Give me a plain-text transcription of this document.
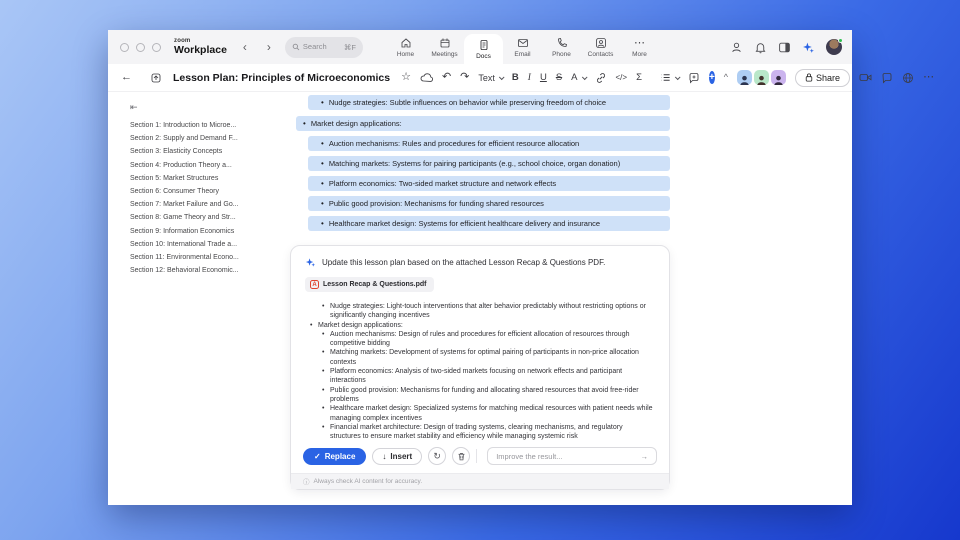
zoom
Workplace ‹ ›	Search ⌘F
Home	Meetings	Docs	Email	Phone	Contacts
⋯
More
←	Lesson Plan: Principles of Microeconomics ☆	↶ ↷ Text B I U S A	</> Σ	+ ^	Share	⋯
⇤
Section 1: Introduction to Microe...
Section 2: Supply and Demand F...
Section 3: Elasticity Concepts
Section 4: Production Theory a...
Section 5: Market Structures
Section 6: Consumer Theory
Section 7: Market Failure and Go...
Section 8: Game Theory and Str...
Section 9: Information Economics
Section 10: International Trade a...
Section 11: Environmental Econo...
Section 12: Behavioral Economic...
• Nudge strategies: Subtle influences on behavior while preserving freedom of choice
• Market design applications:
• Auction mechanisms: Rules and procedures for efficient resource allocation
• Matching markets: Systems for pairing participants (e.g., school choice, organ donation)
• Platform economics: Two-sided market structure and network effects
• Public good provision: Mechanisms for funding shared resources
• Healthcare market design: Systems for efficient healthcare delivery and insurance
Update this lesson plan based on the attached Lesson Recap & Questions PDF.
A Lesson Recap & Questions.pdf
• Nudge strategies: Light-touch interventions that alter behavior predictably without restricting options or significantly changing incentives
• Market design applications:
• Auction mechanisms: Design of rules and procedures for efficient allocation of resources through competitive bidding
• Matching markets: Development of systems for optimal pairing of participants in non-price allocation contexts
• Platform economics: Analysis of two-sided markets focusing on network effects and participant interactions
• Public good provision: Mechanisms for funding and allocating shared resources that avoid free-rider problems
• Healthcare market design: Specialized systems for matching medical resources with patient needs while managing complex incentives
• Financial market architecture: Design of trading systems, clearing mechanisms, and regulatory structures to ensure market stability and efficiency while managing systemic risk
✓ Replace	↓ Insert ↻	Improve the result...	→
ⓘ Always check AI content for accuracy.
